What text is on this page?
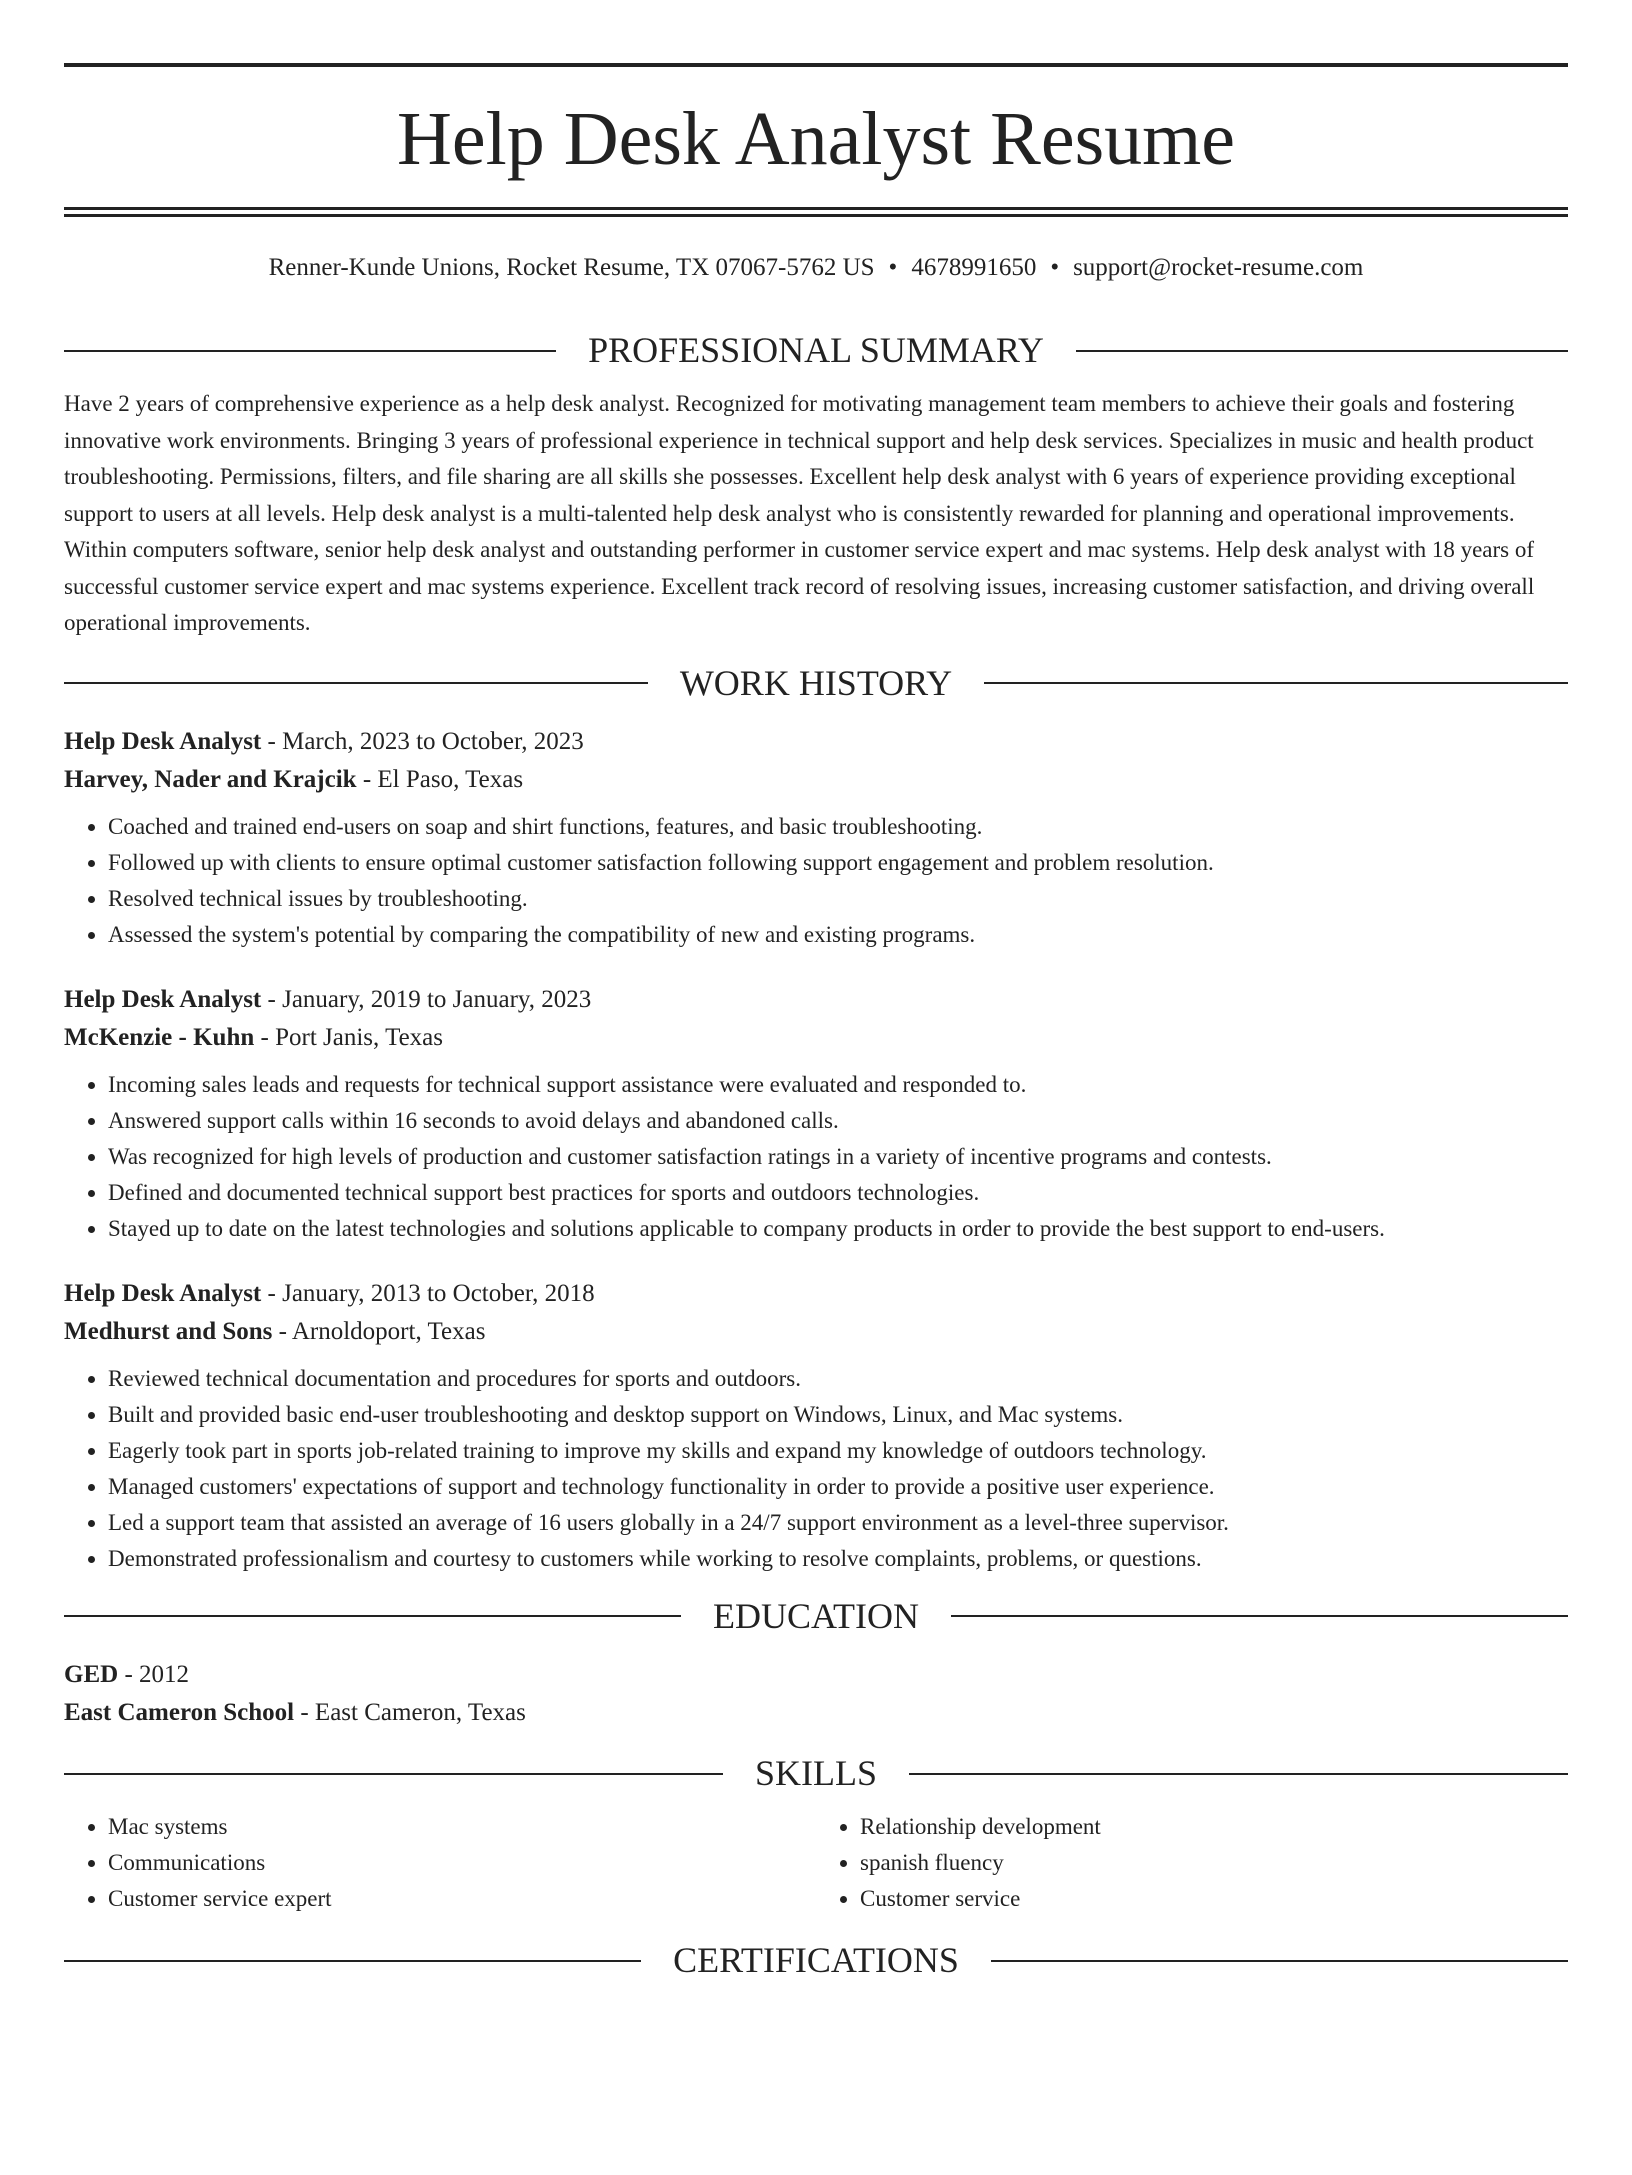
Help Desk Analyst Resume
Renner-Kunde Unions, Rocket Resume, TX 07067-5762 US • 4678991650 • support@rocket-resume.com
PROFESSIONAL SUMMARY
Have 2 years of comprehensive experience as a help desk analyst. Recognized for motivating management team members to achieve their goals and fostering innovative work environments. Bringing 3 years of professional experience in technical support and help desk services. Specializes in music and health product troubleshooting. Permissions, filters, and file sharing are all skills she possesses. Excellent help desk analyst with 6 years of experience providing exceptional support to users at all levels. Help desk analyst is a multi-talented help desk analyst who is consistently rewarded for planning and operational improvements. Within computers software, senior help desk analyst and outstanding performer in customer service expert and mac systems. Help desk analyst with 18 years of successful customer service expert and mac systems experience. Excellent track record of resolving issues, increasing customer satisfaction, and driving overall operational improvements.
WORK HISTORY
Help Desk Analyst - March, 2023 to October, 2023
Harvey, Nader and Krajcik - El Paso, Texas
• Coached and trained end-users on soap and shirt functions, features, and basic troubleshooting.
• Followed up with clients to ensure optimal customer satisfaction following support engagement and problem resolution.
• Resolved technical issues by troubleshooting.
• Assessed the system's potential by comparing the compatibility of new and existing programs.
Help Desk Analyst - January, 2019 to January, 2023
McKenzie - Kuhn - Port Janis, Texas
• Incoming sales leads and requests for technical support assistance were evaluated and responded to.
• Answered support calls within 16 seconds to avoid delays and abandoned calls.
• Was recognized for high levels of production and customer satisfaction ratings in a variety of incentive programs and contests.
• Defined and documented technical support best practices for sports and outdoors technologies.
• Stayed up to date on the latest technologies and solutions applicable to company products in order to provide the best support to end-users.
Help Desk Analyst - January, 2013 to October, 2018
Medhurst and Sons - Arnoldoport, Texas
• Reviewed technical documentation and procedures for sports and outdoors.
• Built and provided basic end-user troubleshooting and desktop support on Windows, Linux, and Mac systems.
• Eagerly took part in sports job-related training to improve my skills and expand my knowledge of outdoors technology.
• Managed customers' expectations of support and technology functionality in order to provide a positive user experience.
• Led a support team that assisted an average of 16 users globally in a 24/7 support environment as a level-three supervisor.
• Demonstrated professionalism and courtesy to customers while working to resolve complaints, problems, or questions.
EDUCATION
GED - 2012
East Cameron School - East Cameron, Texas
SKILLS
• Mac systems
• Communications
• Customer service expert
• Relationship development
• spanish fluency
• Customer service
CERTIFICATIONS
